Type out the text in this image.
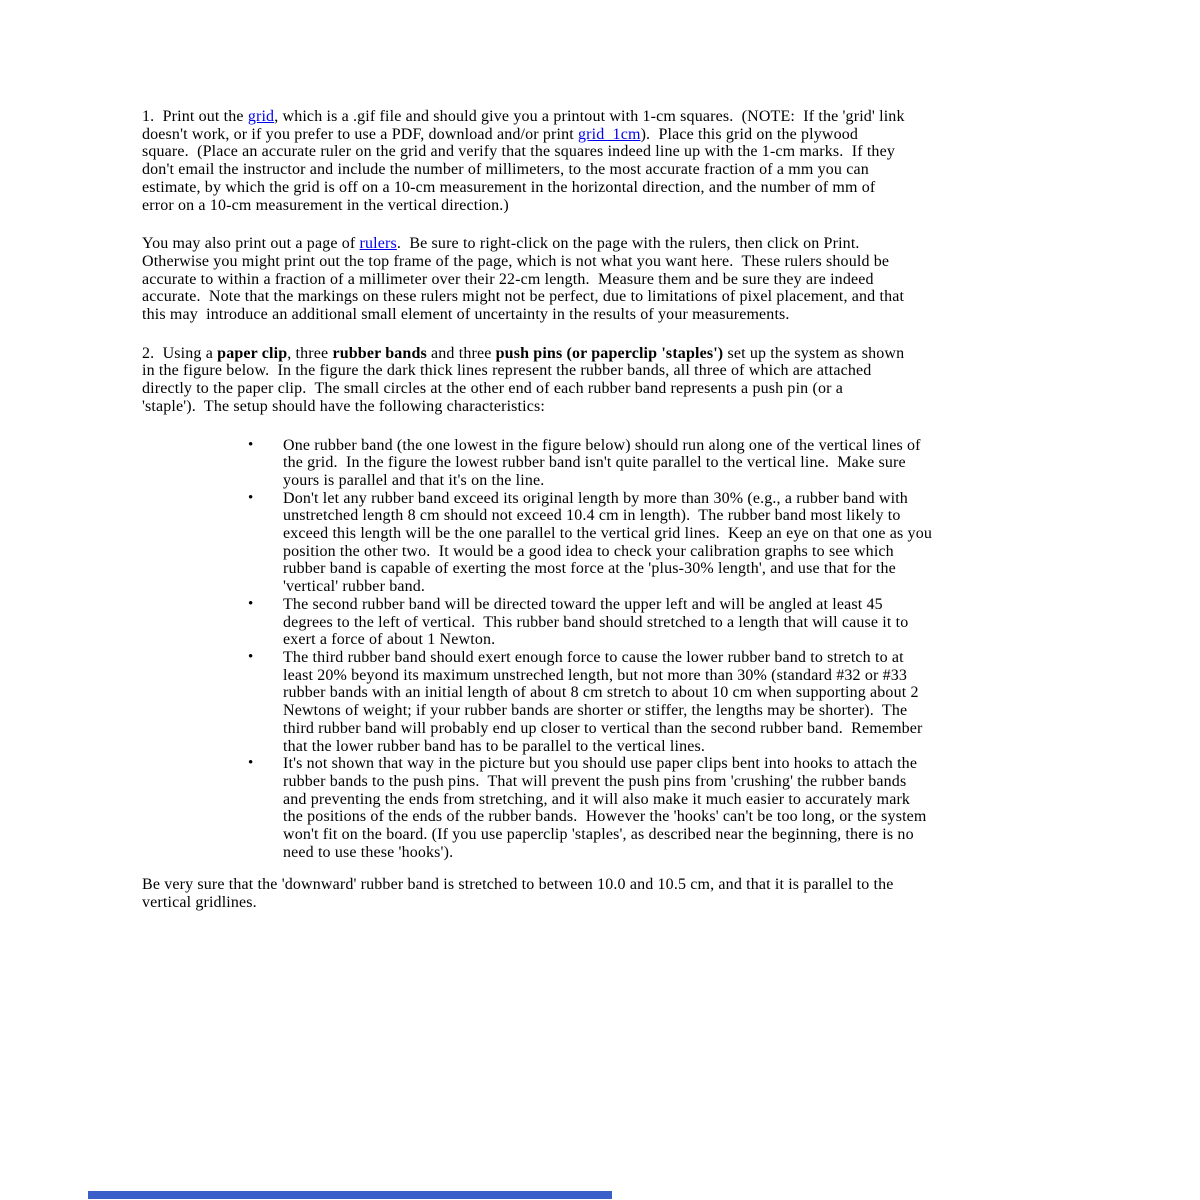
1.  Print out the grid, which is a .gif file and should give you a printout with 1-cm squares.  (NOTE:  If the 'grid' link
doesn't work, or if you prefer to use a PDF, download and/or print grid_1cm).  Place this grid on the plywood
square.  (Place an accurate ruler on the grid and verify that the squares indeed line up with the 1-cm marks.  If they
don't email the instructor and include the number of millimeters, to the most accurate fraction of a mm you can
estimate, by which the grid is off on a 10-cm measurement in the horizontal direction, and the number of mm of
error on a 10-cm measurement in the vertical direction.)
You may also print out a page of rulers.  Be sure to right-click on the page with the rulers, then click on Print.
Otherwise you might print out the top frame of the page, which is not what you want here.  These rulers should be
accurate to within a fraction of a millimeter over their 22-cm length.  Measure them and be sure they are indeed
accurate.  Note that the markings on these rulers might not be perfect, due to limitations of pixel placement, and that
this may  introduce an additional small element of uncertainty in the results of your measurements.
2.  Using a paper clip, three rubber bands and three push pins (or paperclip 'staples') set up the system as shown
in the figure below.  In the figure the dark thick lines represent the rubber bands, all three of which are attached
directly to the paper clip.  The small circles at the other end of each rubber band represents a push pin (or a
'staple').  The setup should have the following characteristics:
• One rubber band (the one lowest in the figure below) should run along one of the vertical lines of
the grid.  In the figure the lowest rubber band isn't quite parallel to the vertical line.  Make sure
yours is parallel and that it's on the line.
• Don't let any rubber band exceed its original length by more than 30% (e.g., a rubber band with
unstretched length 8 cm should not exceed 10.4 cm in length).  The rubber band most likely to
exceed this length will be the one parallel to the vertical grid lines.  Keep an eye on that one as you
position the other two.  It would be a good idea to check your calibration graphs to see which
rubber band is capable of exerting the most force at the 'plus-30% length', and use that for the
'vertical' rubber band.
• The second rubber band will be directed toward the upper left and will be angled at least 45
degrees to the left of vertical.  This rubber band should stretched to a length that will cause it to
exert a force of about 1 Newton.
• The third rubber band should exert enough force to cause the lower rubber band to stretch to at
least 20% beyond its maximum unstreched length, but not more than 30% (standard #32 or #33
rubber bands with an initial length of about 8 cm stretch to about 10 cm when supporting about 2
Newtons of weight; if your rubber bands are shorter or stiffer, the lengths may be shorter).  The
third rubber band will probably end up closer to vertical than the second rubber band.  Remember
that the lower rubber band has to be parallel to the vertical lines.
• It's not shown that way in the picture but you should use paper clips bent into hooks to attach the
rubber bands to the push pins.  That will prevent the push pins from 'crushing' the rubber bands
and preventing the ends from stretching, and it will also make it much easier to accurately mark
the positions of the ends of the rubber bands.  However the 'hooks' can't be too long, or the system
won't fit on the board. (If you use paperclip 'staples', as described near the beginning, there is no
need to use these 'hooks').
Be very sure that the 'downward' rubber band is stretched to between 10.0 and 10.5 cm, and that it is parallel to the
vertical gridlines.
